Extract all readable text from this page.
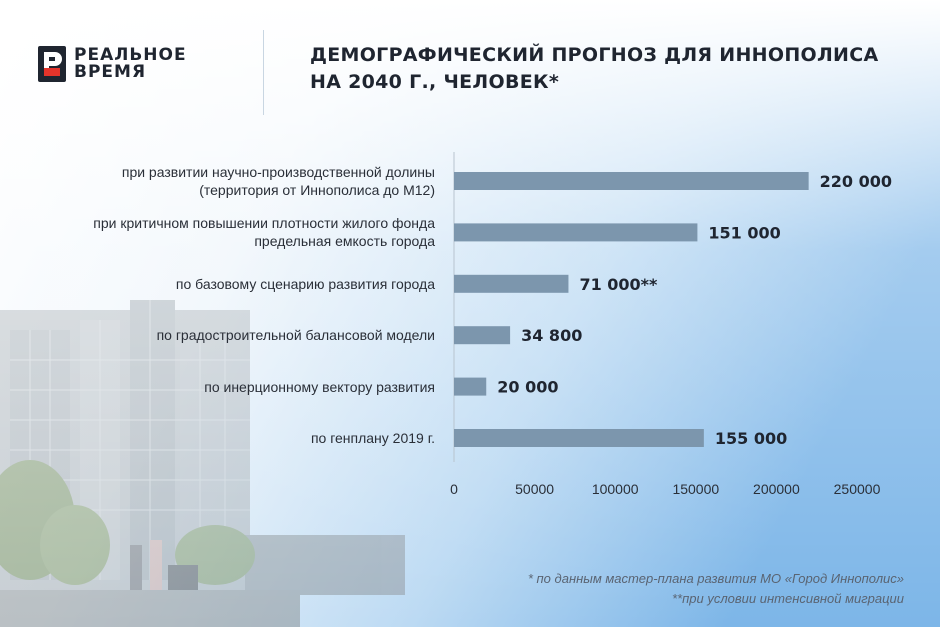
РЕАЛЬНОЕ
ВРЕМЯ
ДЕМОГРАФИЧЕСКИЙ ПРОГНОЗ ДЛЯ ИННОПОЛИСА
НА 2040 Г., ЧЕЛОВЕК*
при развитии научно-производственной долины
(территория от Иннополиса до М12)
при критичном повышении плотности жилого фонда
предельная емкость города
по базовому сценарию развития города
по градостроительной балансовой модели
по инерционному вектору развития
по генплану 2019 г.
220 000
151 000
71 000**
34 800
20 000
155 000
0	50000	100000 150000 200000 250000
* по данным мастер-плана развития МО «Город Иннополис»
**при условии интенсивной миграции
